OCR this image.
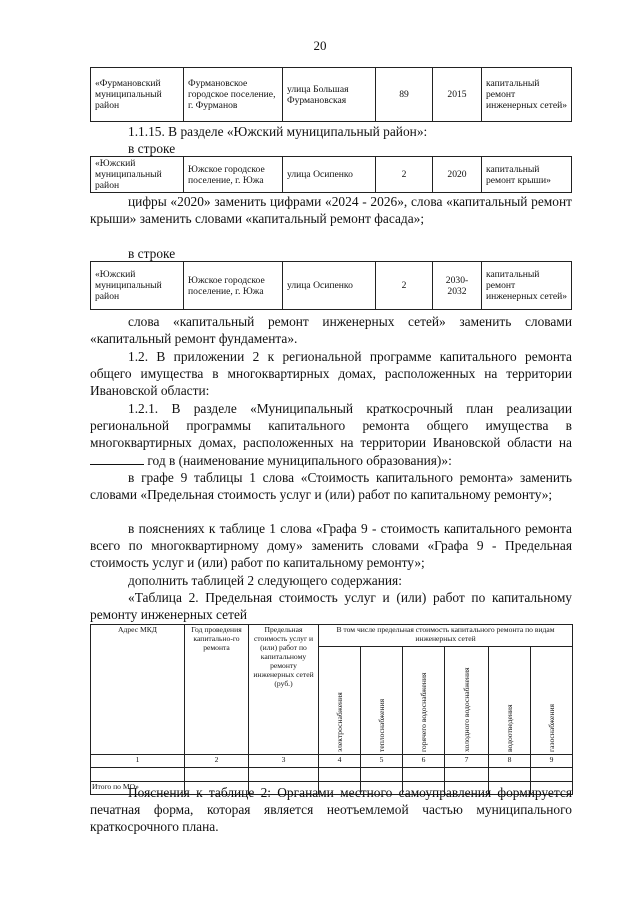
20
«Фурмановский муниципальный район	Фурмановское городское поселение, г. Фурманов	улица Большая Фурмановская	89	2015	капитальный ремонт инженерных сетей»

1.1.15. В разделе «Южский муниципальный район»:

в строке

«Южский муниципальный район	Южское городское поселение, г. Южа	улица Осипенко	2	2020	капитальный ремонт крыши»

цифры «2020» заменить цифрами «2024 - 2026», слова «капитальный ремонт крыши» заменить словами «капитальный ремонт фасада»;

в строке

«Южский муниципальный район	Южское городское поселение, г. Южа	улица Осипенко	2	2030-2032	капитальный ремонт инженерных сетей»

слова «капитальный ремонт инженерных сетей» заменить словами «капитальный ремонт фундамента».

1.2. В приложении 2 к региональной программе капитального ремонта общего имущества в многоквартирных домах, расположенных на территории Ивановской области:

1.2.1. В разделе «Муниципальный краткосрочный план реализации региональной программы капитального ремонта общего имущества в многоквартирных домах, расположенных на территории Ивановской области на  год в (наименование муниципального образования)»:

в графе 9 таблицы 1 слова «Стоимость капитального ремонта» заменить словами «Предельная стоимость услуг и (или) работ по капитальному ремонту»;

в пояснениях к таблице 1 слова «Графа 9 - стоимость капитального ремонта всего по многоквартирному дому» заменить словами «Графа 9 - Предельная стоимость услуг и (или) работ по капитальному ремонту»;

дополнить таблицей 2 следующего содержания:

«Таблица 2. Предельная стоимость услуг и (или) работ по капитальному ремонту инженерных сетей

Адрес МКД	Год проведения капитально-го ремонта	Предельная стоимость услуг и (или) работ по капитальному ремонту инженерных сетей (руб.)	В том числе предельная стоимость капитального ремонта по видам инженерных сетей					
			электроснабжения	теплоснабжения	горячего водоснабжения	холодного водоснабжения	водоотведения	газоснабжения
1	2	3	4	5	6	7	8	9

Итого по МО»								

Пояснения к таблице 2: Органами местного самоуправления формируется печатная форма, которая является неотъемлемой частью муниципального краткосрочного плана.
